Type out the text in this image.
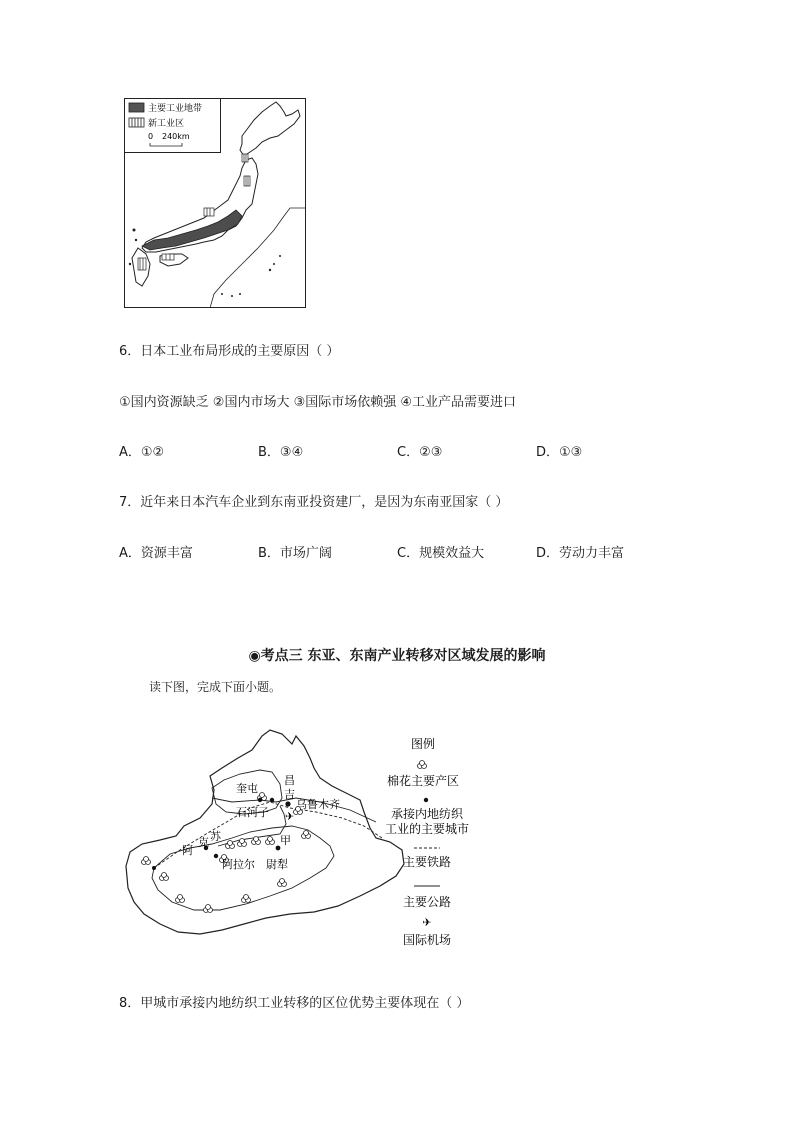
主要工业地带
新工业区
0 240km
6．日本工业布局形成的主要原因（ ）
①国内资源缺乏 ②国内市场大 ③国际市场依赖强 ④工业产品需要进口
A．①②	B．③④	C．②③	D．①③
7．近年来日本汽车企业到东南亚投资建厂，是因为东南亚国家（ ）
A．资源丰富	B．市场广阔	C．规模效益大	D．劳动力丰富
◉考点三 东亚、东南产业转移对区域发展的影响
读下图，完成下面小题。
✈
奎屯
昌
吉
石河子
乌鲁木齐
苏
克
阿
阿拉尔 尉犁
甲
图例
棉花主要产区
承接内地纺织
工业的主要城市
主要铁路
主要公路
✈
国际机场
8．甲城市承接内地纺织工业转移的区位优势主要体现在（ ）
